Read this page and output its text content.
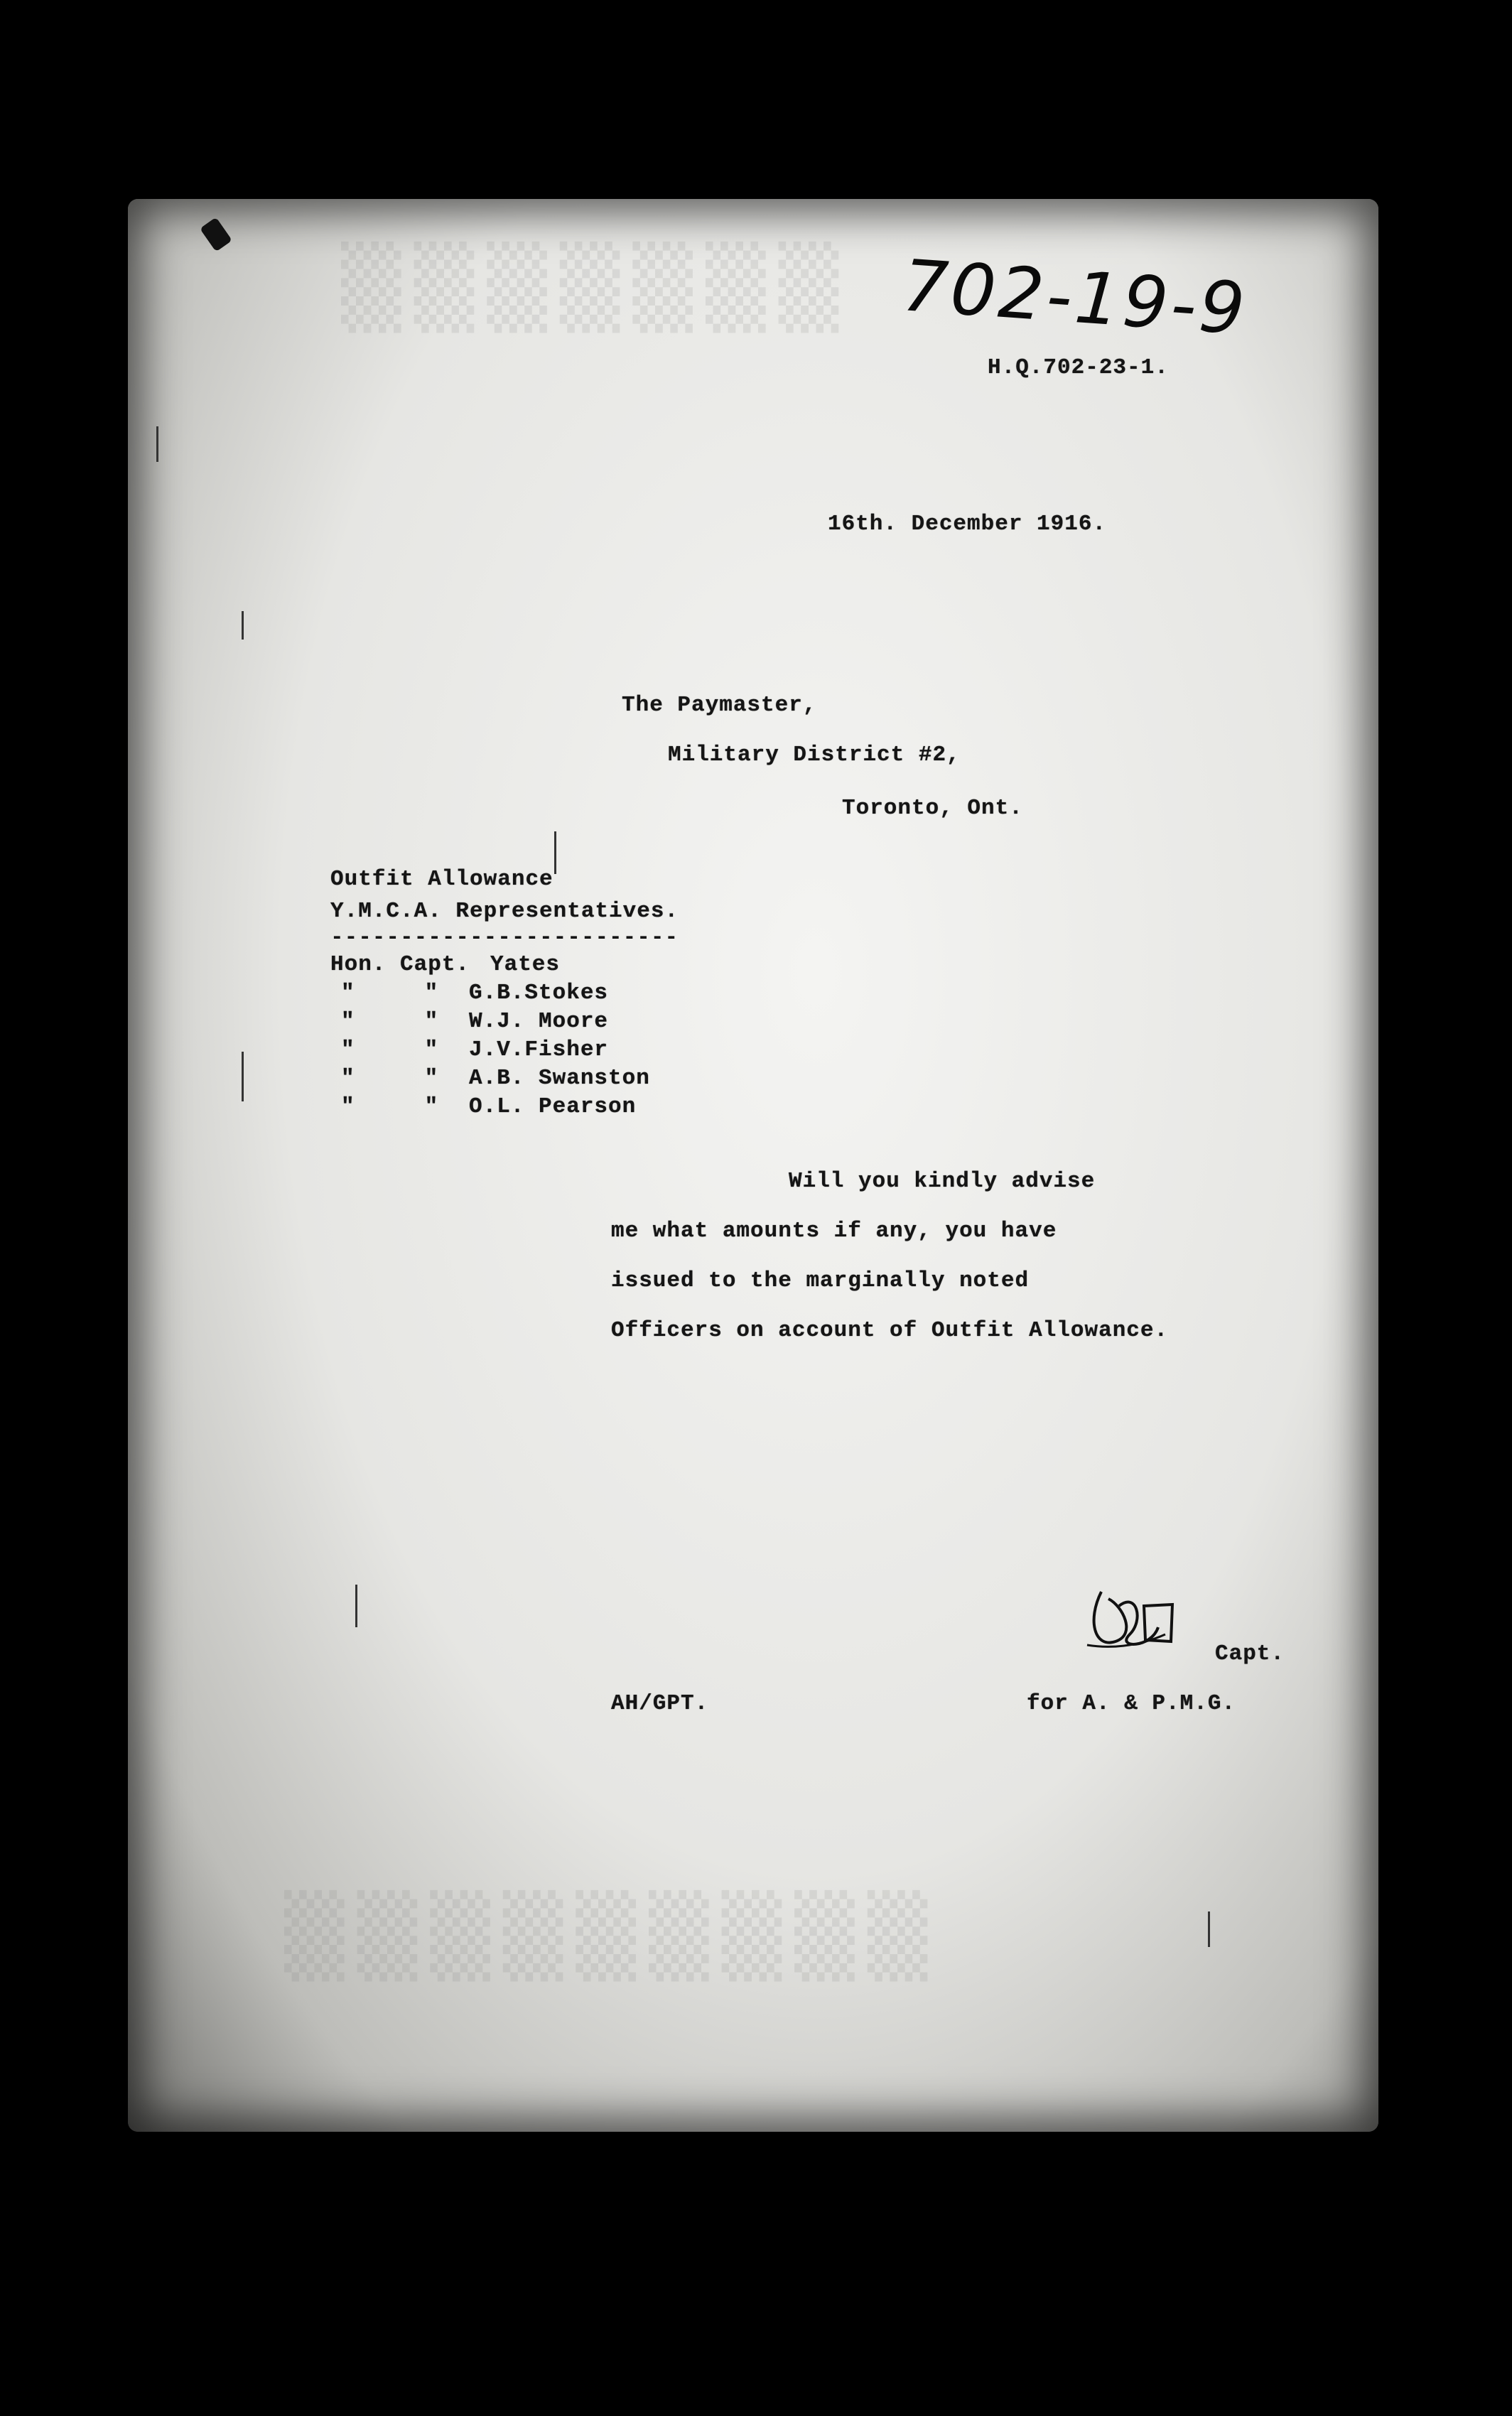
▒▒▒▒▒▒▒
▒▒▒▒▒▒▒▒▒
702-19-9
H.Q.702-23-1.
16th. December 1916.
The Paymaster,
Military District #2,
Toronto, Ont.
Outfit Allowance
Y.M.C.A. Representatives.
-------------------------
Hon. Capt. Yates
"     " G.B.Stokes
"     " W.J. Moore
"     " J.V.Fisher
"     " A.B. Swanston
"     " O.L. Pearson
Will you kindly advise
me what amounts if any, you have
issued to the marginally noted
Officers on account of Outfit Allowance.
Capt.
AH/GPT.	for A. & P.M.G.
